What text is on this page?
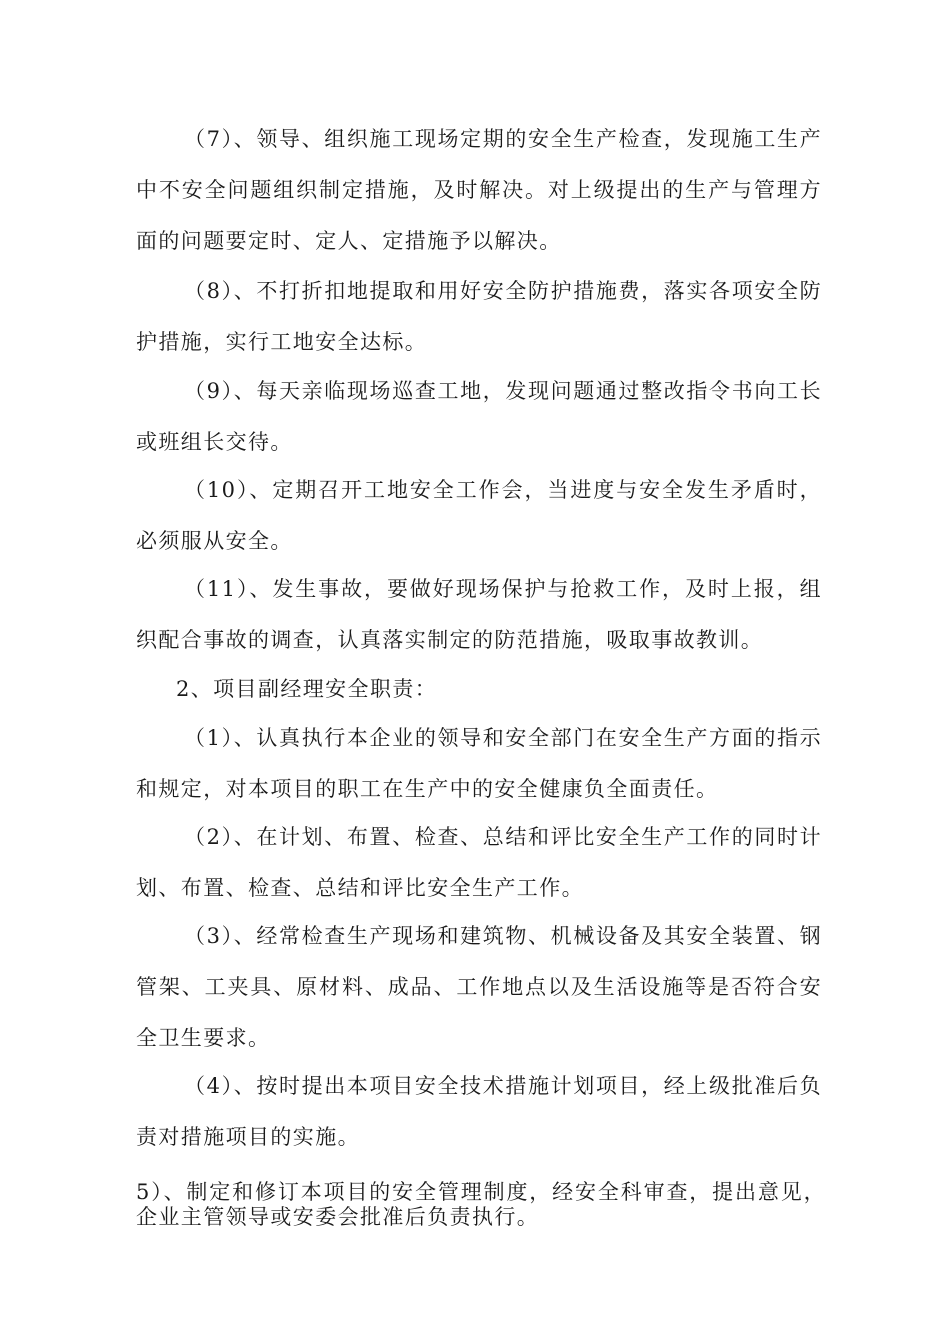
（7）、领导、组织施工现场定期的安全生产检查，发现施工生产中不安全问题组织制定措施，及时解决。对上级提出的生产与管理方面的问题要定时、定人、定措施予以解决。

（8）、不打折扣地提取和用好安全防护措施费，落实各项安全防护措施，实行工地安全达标。

（9）、每天亲临现场巡查工地，发现问题通过整改指令书向工长或班组长交待。

（10）、定期召开工地安全工作会，当进度与安全发生矛盾时，必须服从安全。

（11）、发生事故，要做好现场保护与抢救工作，及时上报，组织配合事故的调查，认真落实制定的防范措施，吸取事故教训。

2、项目副经理安全职责：

（1）、认真执行本企业的领导和安全部门在安全生产方面的指示和规定，对本项目的职工在生产中的安全健康负全面责任。

（2）、在计划、布置、检查、总结和评比安全生产工作的同时计划、布置、检查、总结和评比安全生产工作。

（3）、经常检查生产现场和建筑物、机械设备及其安全装置、钢管架、工夹具、原材料、成品、工作地点以及生活设施等是否符合安全卫生要求。

（4）、按时提出本项目安全技术措施计划项目，经上级批准后负责对措施项目的实施。

5）、制定和修订本项目的安全管理制度，经安全科审查，提出意见，企业主管领导或安委会批准后负责执行。
